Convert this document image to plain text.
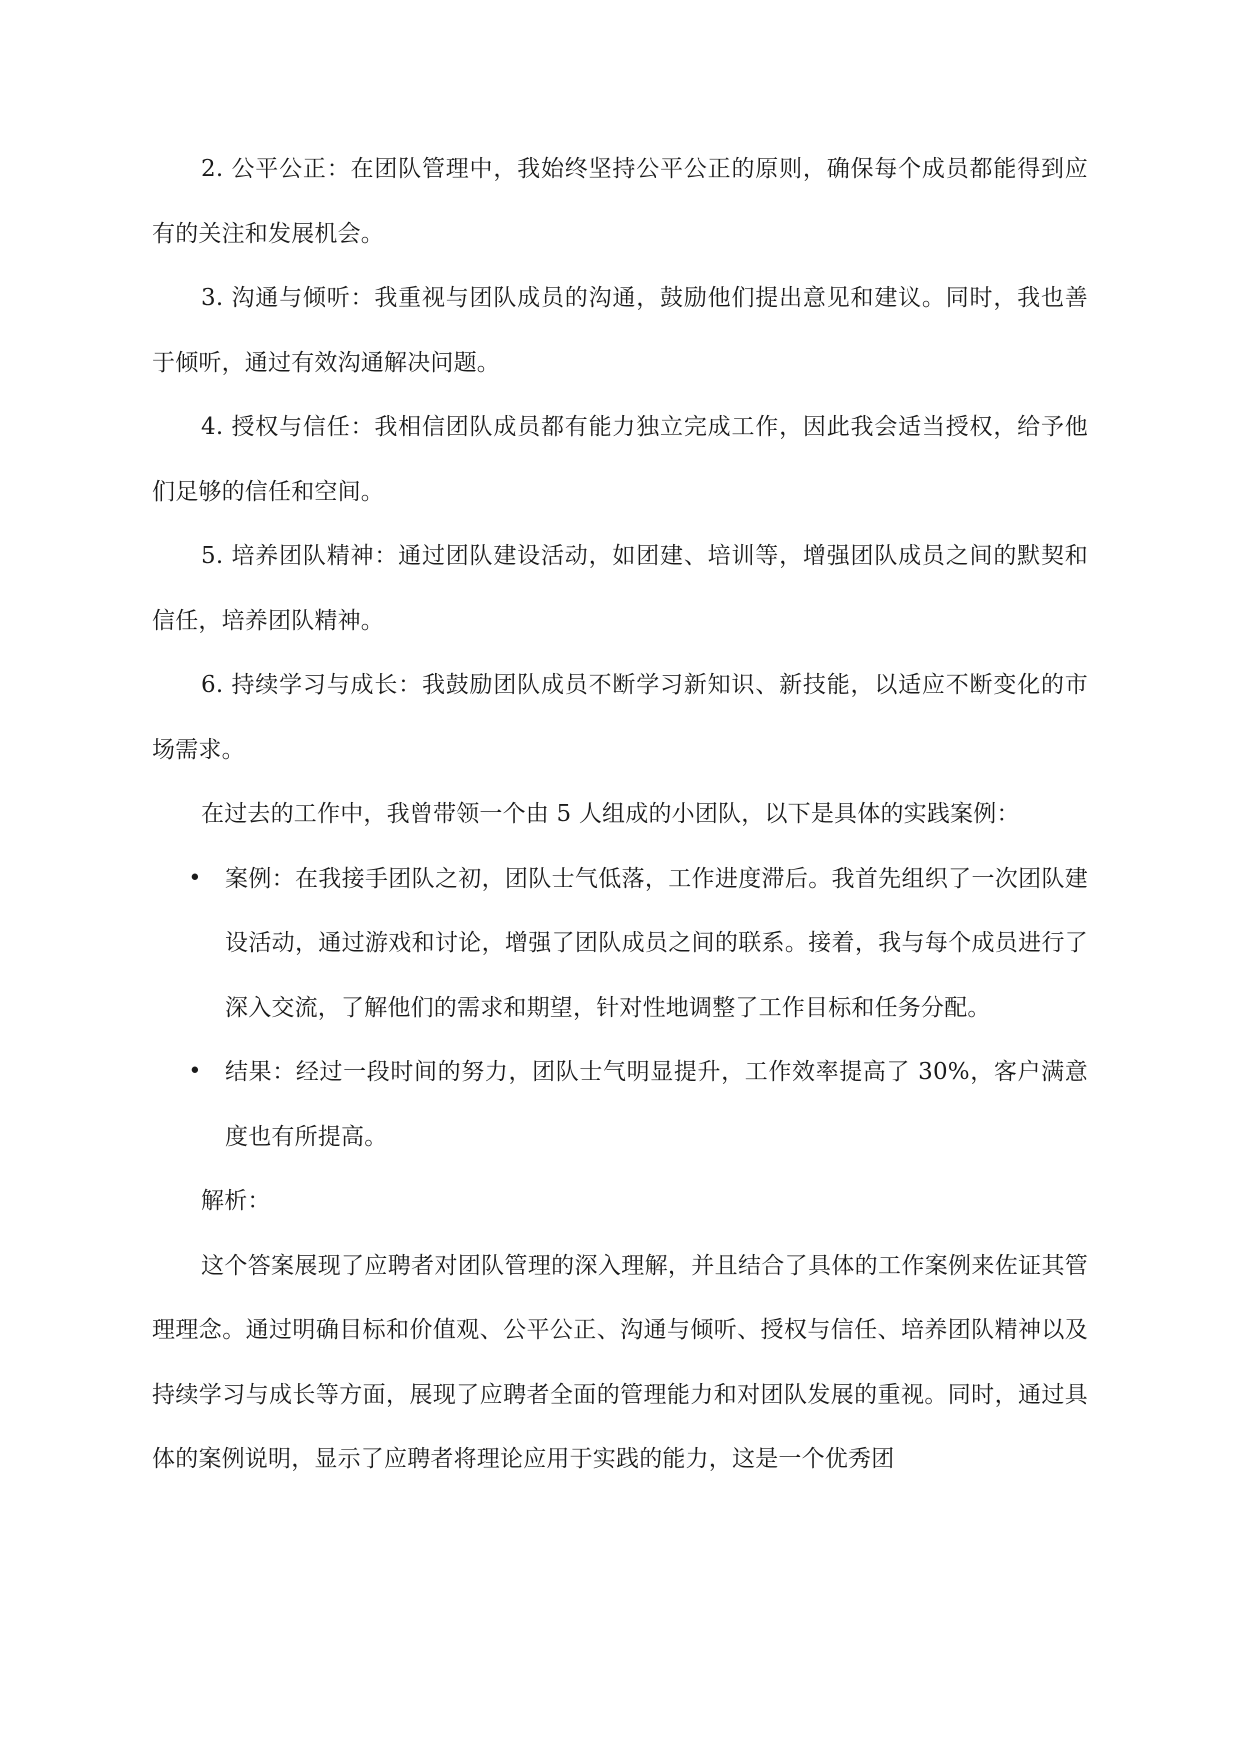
2. 公平公正：在团队管理中，我始终坚持公平公正的原则，确保每个成员都能得到应有的关注和发展机会。

3. 沟通与倾听：我重视与团队成员的沟通，鼓励他们提出意见和建议。同时，我也善于倾听，通过有效沟通解决问题。

4. 授权与信任：我相信团队成员都有能力独立完成工作，因此我会适当授权，给予他们足够的信任和空间。

5. 培养团队精神：通过团队建设活动，如团建、培训等，增强团队成员之间的默契和信任，培养团队精神。

6. 持续学习与成长：我鼓励团队成员不断学习新知识、新技能，以适应不断变化的市场需求。

在过去的工作中，我曾带领一个由 5 人组成的小团队，以下是具体的实践案例：

• 案例：在我接手团队之初，团队士气低落，工作进度滞后。我首先组织了一次团队建设活动，通过游戏和讨论，增强了团队成员之间的联系。接着，我与每个成员进行了深入交流，了解他们的需求和期望，针对性地调整了工作目标和任务分配。
• 结果：经过一段时间的努力，团队士气明显提升，工作效率提高了 30%，客户满意度也有所提高。

解析：

这个答案展现了应聘者对团队管理的深入理解，并且结合了具体的工作案例来佐证其管理理念。通过明确目标和价值观、公平公正、沟通与倾听、授权与信任、培养团队精神以及持续学习与成长等方面，展现了应聘者全面的管理能力和对团队发展的重视。同时，通过具体的案例说明，显示了应聘者将理论应用于实践的能力，这是一个优秀团
